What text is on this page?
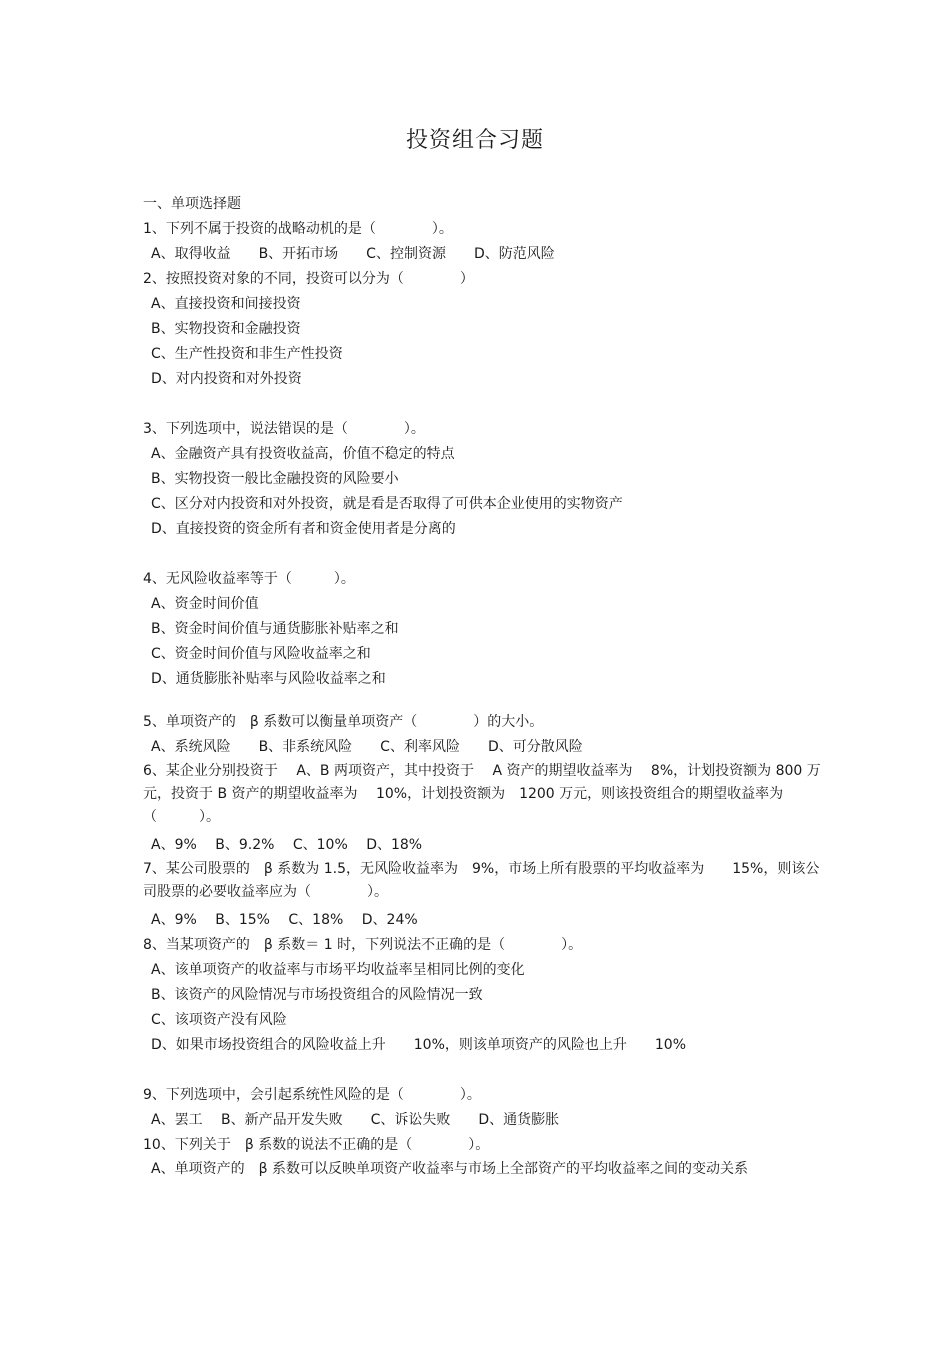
投资组合习题
一、单项选择题
1、下列不属于投资的战略动机的是（　　　　）。
A、取得收益　　B、开拓市场　　C、控制资源　　D、防范风险
2、按照投资对象的不同，投资可以分为（　　　　）
A、直接投资和间接投资
B、实物投资和金融投资
C、生产性投资和非生产性投资
D、对内投资和对外投资
3、下列选项中，说法错误的是（　　　　）。
A、金融资产具有投资收益高，价值不稳定的特点
B、实物投资一般比金融投资的风险要小
C、区分对内投资和对外投资，就是看是否取得了可供本企业使用的实物资产
D、直接投资的资金所有者和资金使用者是分离的
4、无风险收益率等于（　　　）。
A、资金时间价值
B、资金时间价值与通货膨胀补贴率之和
C、资金时间价值与风险收益率之和
D、通货膨胀补贴率与风险收益率之和
5、单项资产的　β 系数可以衡量单项资产（　　　　）的大小。
A、系统风险　　B、非系统风险　　C、利率风险　　D、可分散风险
6、某企业分别投资于　 A、B 两项资产，其中投资于　 A 资产的期望收益率为　 8%，计划投资额为 800 万元，投资于 B 资产的期望收益率为　 10%，计划投资额为　1200 万元，则该投资组合的期望收益率为（　　　）。
A、9%　 B、9.2%　 C、10%　 D、18%
7、某公司股票的　β 系数为 1.5，无风险收益率为　9%，市场上所有股票的平均收益率为　　15%，则该公司股票的必要收益率应为（　　　　）。
A、9%　 B、15%　 C、18%　 D、24%
8、当某项资产的　β 系数＝ 1 时，下列说法不正确的是（　　　　）。
A、该单项资产的收益率与市场平均收益率呈相同比例的变化
B、该资产的风险情况与市场投资组合的风险情况一致
C、该项资产没有风险
D、如果市场投资组合的风险收益上升　　10%，则该单项资产的风险也上升　　10%
9、下列选项中，会引起系统性风险的是（　　　　）。
A、罢工　 B、新产品开发失败　　C、诉讼失败　　D、通货膨胀
10、下列关于　β 系数的说法不正确的是（　　　　）。
A、单项资产的　β 系数可以反映单项资产收益率与市场上全部资产的平均收益率之间的变动关系
